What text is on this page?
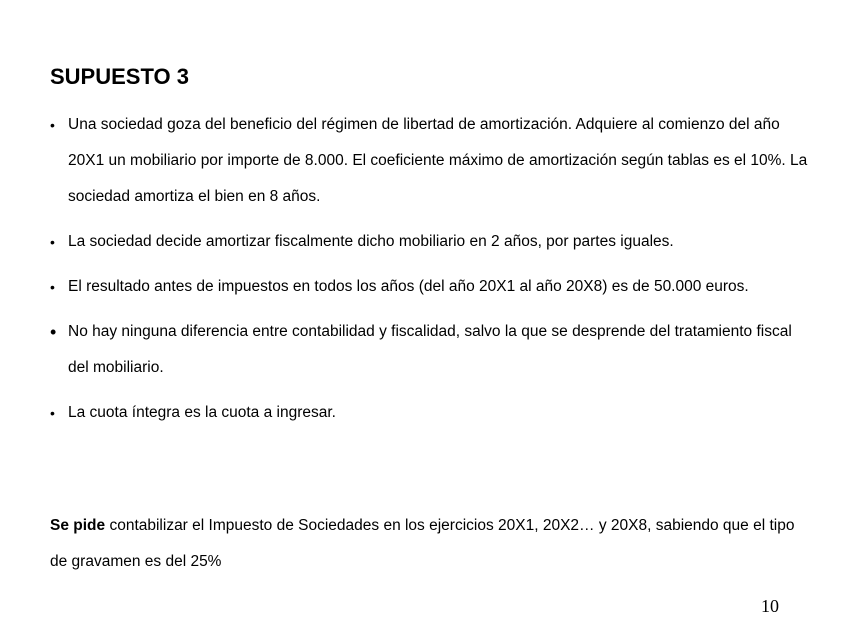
SUPUESTO 3
• Una sociedad goza del beneficio del régimen de libertad de amortización. Adquiere al comienzo del año 20X1 un mobiliario por importe de 8.000. El coeficiente máximo de amortización según tablas es el 10%. La sociedad amortiza el bien en 8 años.
• La sociedad decide amortizar fiscalmente dicho mobiliario en 2 años, por partes iguales.
• El resultado antes de impuestos en todos los años (del año 20X1 al año 20X8) es de 50.000 euros.
• No hay ninguna diferencia entre contabilidad y fiscalidad, salvo la que se desprende del tratamiento fiscal del mobiliario.
• La cuota íntegra es la cuota a ingresar.
Se pide contabilizar el Impuesto de Sociedades en los ejercicios 20X1, 20X2… y 20X8, sabiendo que el tipo de gravamen es del 25%
10
